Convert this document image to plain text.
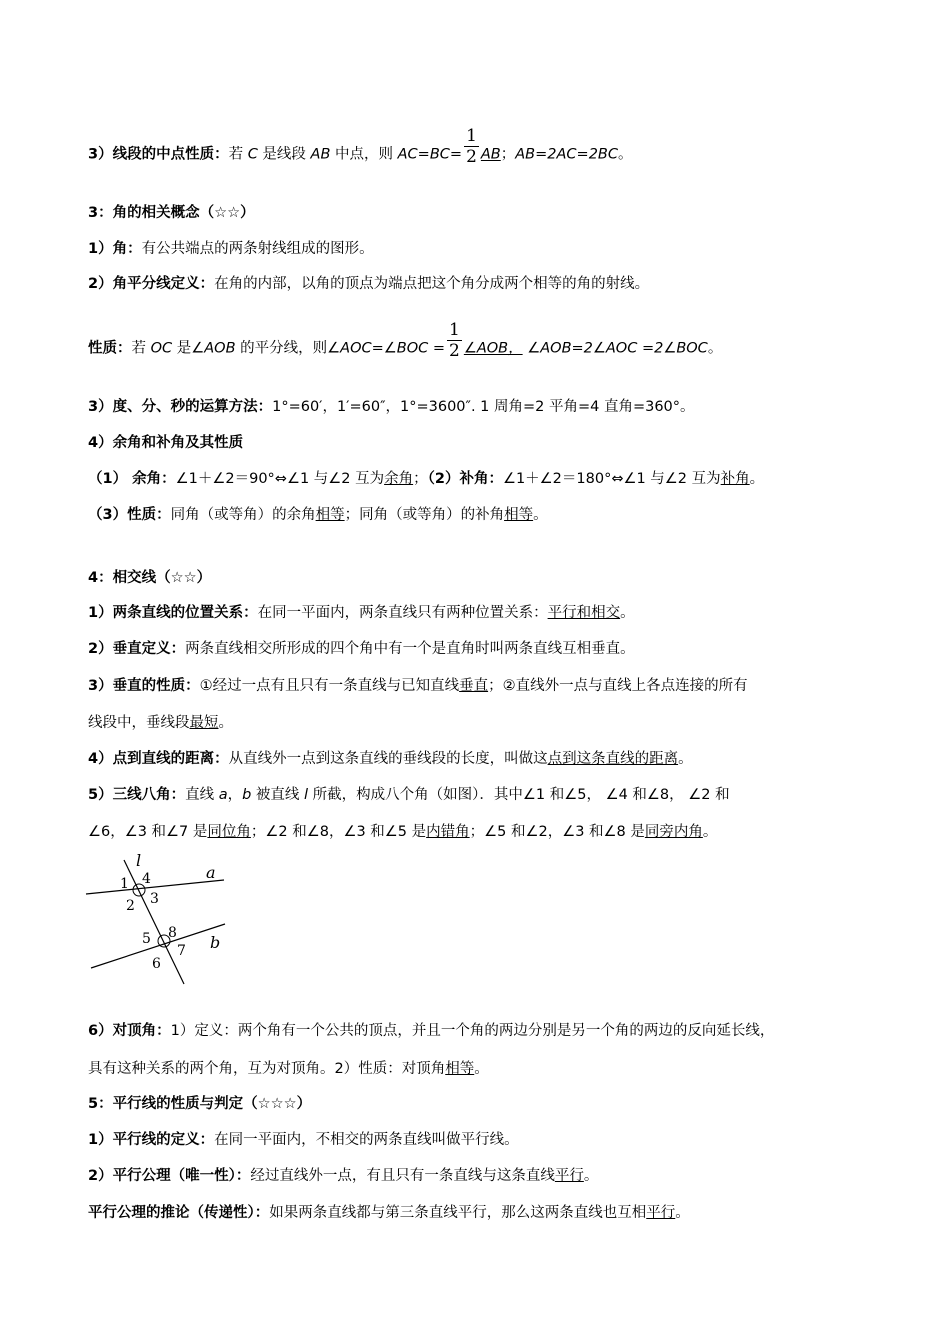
3）线段的中点性质：若 C 是线段 AB 中点，则 $AC=BC= \frac{1}{2}$ AB；AB=2AC=2BC。
3：角的相关概念（☆☆）
1）角：有公共端点的两条射线组成的图形。
2）角平分线定义：在角的内部，以角的顶点为端点把这个角分成两个相等的角的射线。
性质：若 OC 是∠AOB 的平分线，则∠AOC=∠BOC = $\frac{1}{2}$ ∠AOB， ∠AOB=2∠AOC =2∠BOC。
3）度、分、秒的运算方法：1°=60′，1′=60″，1°=3600″. 1 周角=2 平角=4 直角=360°。
4）余角和补角及其性质
（1） 余角：∠1＋∠2＝90°⇔∠1 与∠2 互为余角；（2）补角：∠1＋∠2＝180°⇔∠1 与∠2 互为补角。
（3）性质：同角（或等角）的余角相等；同角（或等角）的补角相等。
4：相交线（☆☆）
1）两条直线的位置关系：在同一平面内，两条直线只有两种位置关系：平行和相交。
2）垂直定义：两条直线相交所形成的四个角中有一个是直角时叫两条直线互相垂直。
3）垂直的性质：①经过一点有且只有一条直线与已知直线垂直；②直线外一点与直线上各点连接的所有
线段中，垂线段最短。
4）点到直线的距离：从直线外一点到这条直线的垂线段的长度，叫做这点到这条直线的距离。
5）三线八角：直线 a，b 被直线 l 所截，构成八个角（如图）．其中∠1 和∠5， ∠4 和∠8， ∠2 和
∠6，∠3 和∠7 是同位角；∠2 和∠8，∠3 和∠5 是内错角；∠5 和∠2，∠3 和∠8 是同旁内角。
l
a
b
1 4
2 3
5 8
6
7
6）对顶角：1）定义：两个角有一个公共的顶点，并且一个角的两边分别是另一个角的两边的反向延长线，
具有这种关系的两个角，互为对顶角。2）性质：对顶角相等。
5：平行线的性质与判定（☆☆☆）
1）平行线的定义：在同一平面内，不相交的两条直线叫做平行线。
2）平行公理（唯一性）：经过直线外一点，有且只有一条直线与这条直线平行。
平行公理的推论（传递性）：如果两条直线都与第三条直线平行，那么这两条直线也互相平行。
